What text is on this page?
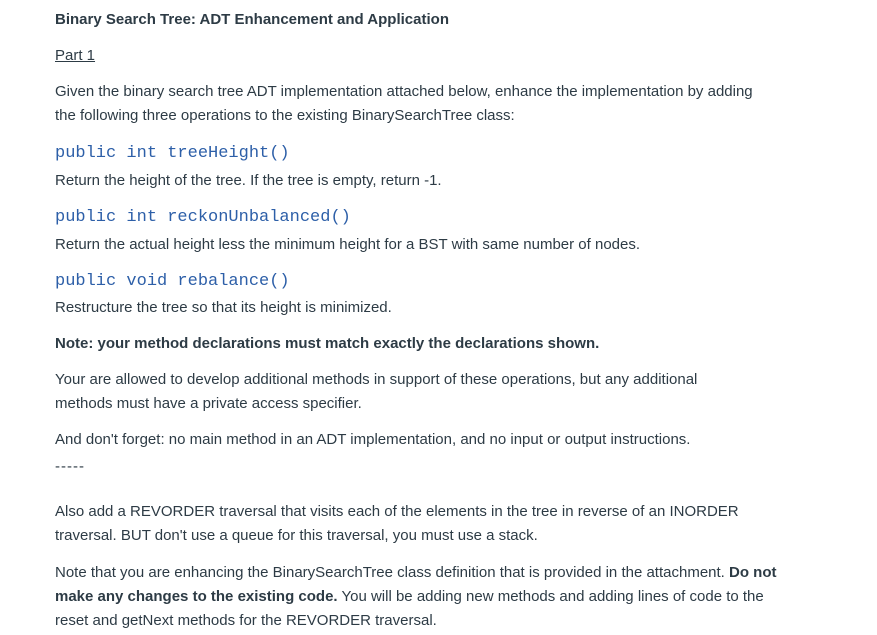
Binary Search Tree: ADT Enhancement and Application
Part 1
Given the binary search tree ADT implementation attached below, enhance the implementation by adding the following three operations to the existing BinarySearchTree class:
public int treeHeight()
Return the height of the tree. If the tree is empty, return -1.
public int reckonUnbalanced()
Return the actual height less the minimum height for a BST with same number of nodes.
public void rebalance()
Restructure the tree so that its height is minimized.
Note: your method declarations must match exactly the declarations shown.
Your are allowed to develop additional methods in support of these operations, but any additional methods must have a private access specifier.
And don't forget: no main method in an ADT implementation, and no input or output instructions.
-----
Also add a REVORDER traversal that visits each of the elements in the tree in reverse of an INORDER traversal. BUT don't use a queue for this traversal, you must use a stack.
Note that you are enhancing the BinarySearchTree class definition that is provided in the attachment. Do not make any changes to the existing code. You will be adding new methods and adding lines of code to the reset and getNext methods for the REVORDER traversal.
